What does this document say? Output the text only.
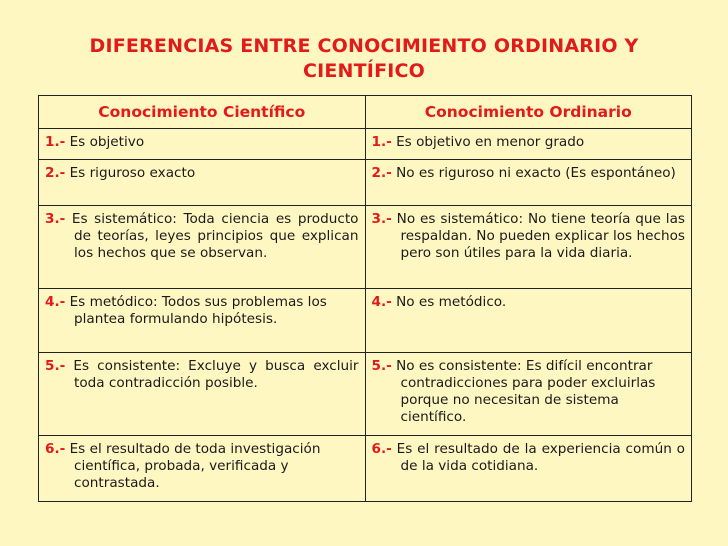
DIFERENCIAS ENTRE CONOCIMIENTO ORDINARIO Y
CIENTÍFICO
Conocimiento Científico	Conocimiento Ordinario

1.- Es objetivo	1.- Es objetivo en menor grado

2.- Es riguroso exacto	2.- No es riguroso ni exacto (Es espontáneo)

3.- Es sistemático: Toda ciencia es producto de teorías, leyes principios que explican los hechos que se observan.	3.- No es sistemático: No tiene teoría que las respaldan. No pueden explicar los hechos pero son útiles para la vida diaria.

4.- Es metódico: Todos sus problemas los plantea formulando hipótesis.	4.- No es metódico.

5.- Es consistente: Excluye y busca excluir toda contradicción posible.	5.- No es consistente: Es difícil encontrar contradicciones para poder excluirlas porque no necesitan de sistema científico.

6.- Es el resultado de toda investigación científica, probada, verificada y contrastada.	6.- Es el resultado de la experiencia común o de la vida cotidiana.
